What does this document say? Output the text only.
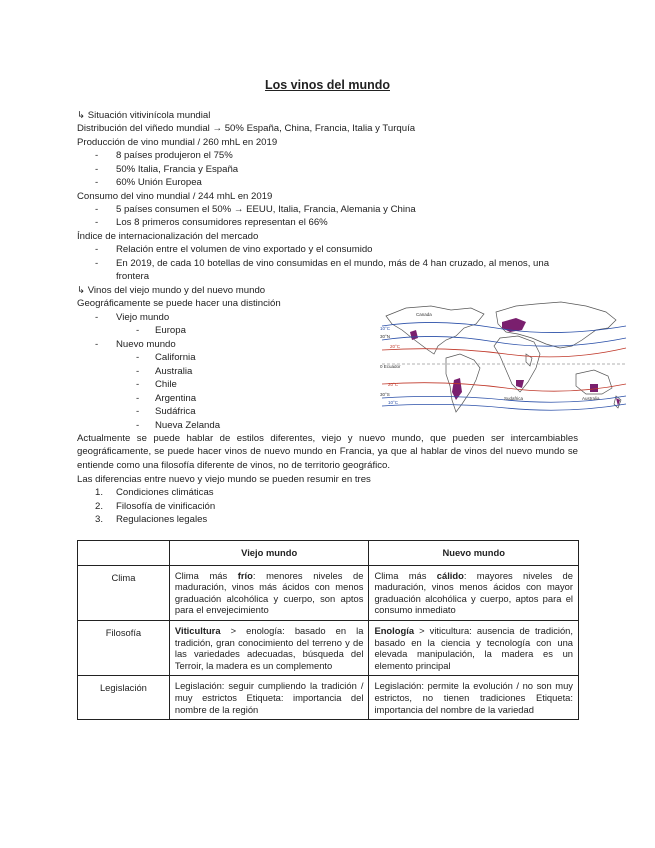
Los vinos del mundo
↳ Situación vitivinícola mundial
Distribución del viñedo mundial → 50% España, China, Francia, Italia y Turquía
Producción de vino mundial / 260 mhL en 2019
- 8 países produjeron el 75%
- 50% Italia, Francia y España
- 60% Unión Europea
Consumo del vino mundial / 244 mhL en 2019
- 5 países consumen el 50% → EEUU, Italia, Francia, Alemania y China
- Los 8 primeros consumidores representan el 66%
Índice de internacionalización del mercado
- Relación entre el volumen de vino exportado y el consumido
- En 2019, de cada 10 botellas de vino consumidas en el mundo, más de 4 han cruzado, al menos, una frontera
↳ Vinos del viejo mundo y del nuevo mundo
Geográficamente se puede hacer una distinción
- Viejo mundo
- Europa
- Nuevo mundo
- California
- Australia
- Chile
- Argentina
- Sudáfrica
- Nueva Zelanda
Canada
30°N
20°C
10°C
0 Ecuador
10°C
20°C
30°S
Sudafrica	Australia
Actualmente se puede hablar de estilos diferentes, viejo y nuevo mundo, que pueden ser intercambiables geográficamente, se puede hacer vinos de nuevo mundo en Francia, ya que al hablar de vinos del nuevo mundo se entiende como una filosofía diferente de vinos, no de territorio geográfico.
Las diferencias entre nuevo y viejo mundo se pueden resumir en tres
1. Condiciones climáticas
2. Filosofía de vinificación
3. Regulaciones legales
	Viejo mundo	Nuevo mundo
Clima	Clima más frío: menores niveles de maduración, vinos más ácidos con menos graduación alcohólica y cuerpo, son aptos para el envejecimiento	Clima más cálido: mayores niveles de maduración, vinos menos ácidos con mayor graduación alcohólica y cuerpo, aptos para el consumo inmediato
Filosofía	Viticultura > enología: basado en la tradición, gran conocimiento del terreno y de las variedades adecuadas, búsqueda del Terroir, la madera es un complemento	Enología > viticultura: ausencia de tradición, basado en la ciencia y tecnología con una elevada manipulación, la madera es un elemento principal
Legislación	Legislación: seguir cumpliendo la tradición / muy estrictos Etiqueta: importancia del nombre de la región	Legislación: permite la evolución / no son muy estrictos, no tienen tradiciones Etiqueta: importancia del nombre de la variedad
